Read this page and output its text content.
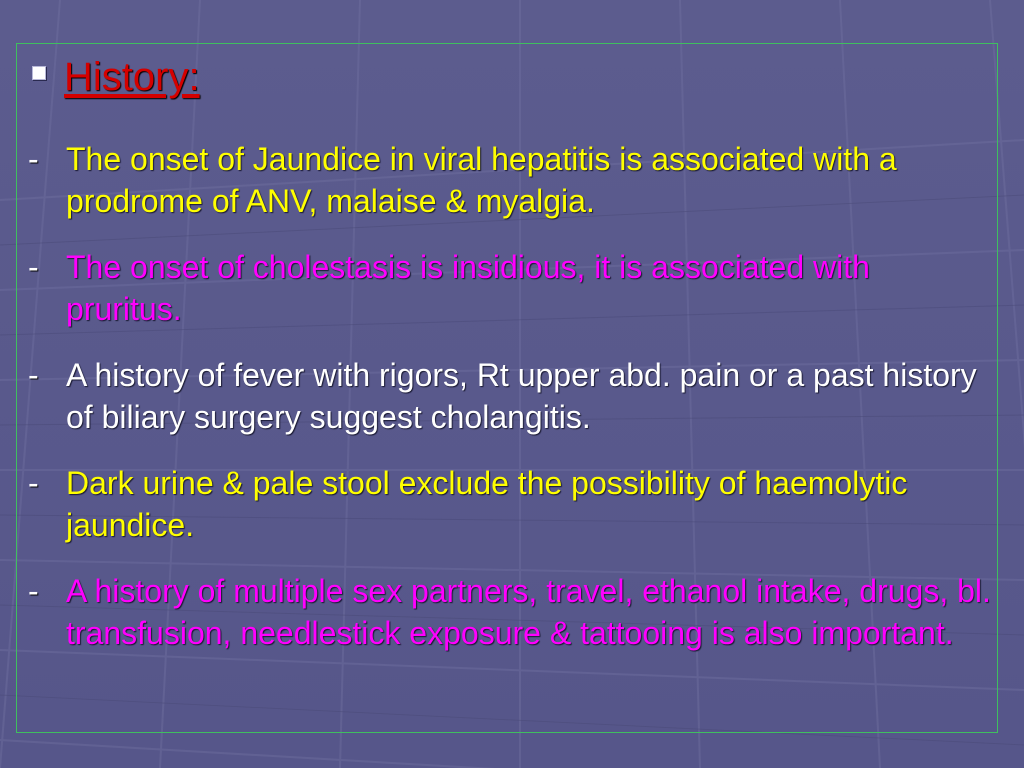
History:
- The onset of Jaundice in viral hepatitis is associated with a prodrome of ANV, malaise & myalgia.
- The onset of cholestasis is insidious, it is associated with pruritus.
- A history of fever with rigors, Rt upper abd. pain or a past history of biliary surgery suggest cholangitis.
- Dark urine & pale stool exclude the possibility of haemolytic jaundice.
- A history of multiple sex partners, travel, ethanol intake, drugs, bl. transfusion, needlestick exposure & tattooing is also important.
